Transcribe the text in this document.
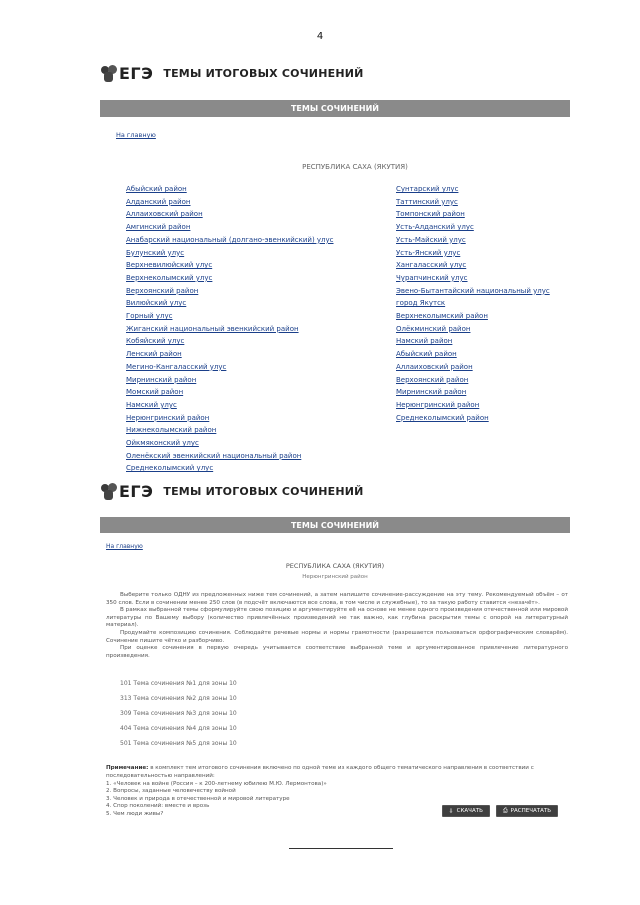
4
ЕГЭ ТЕМЫ ИТОГОВЫХ СОЧИНЕНИЙ
ТЕМЫ СОЧИНЕНИЙ
На главную
РЕСПУБЛИКА САХА (ЯКУТИЯ)
Абыйский район
Алданский район
Аллаиховский район
Амгинский район
Анабарский национальный (долгано-эвенкийский) улус
Булунский улус
Верхневилюйский улус
Верхнеколымский улус
Верхоянский район
Вилюйский улус
Горный улус
Жиганский национальный эвенкийский район
Кобяйский улус
Ленский район
Мегино-Кангаласский улус
Мирнинский район
Момский район
Намский улус
Нерюнгринский район
Нижнеколымский район
Ойкмяконский улус
Оленёкский эвенкийский национальный район
Среднеколымский улус
Сунтарский улус
Таттинский улус
Томпонский район
Усть-Алданский улус
Усть-Майский улус
Усть-Янский улус
Хангаласский улус
Чурапчинский улус
Эвено-Бытантайский национальный улус
город Якутск
Верхнеколымский район
Олёкминский район
Намский район
Абыйский район
Аллаиховский район
Верхоянский район
Мирнинский район
Нерюнгринский район
Среднеколымский район
ЕГЭ ТЕМЫ ИТОГОВЫХ СОЧИНЕНИЙ
ТЕМЫ СОЧИНЕНИЙ
На главную
РЕСПУБЛИКА САХА (ЯКУТИЯ)
Нерюнгринский район

Выберите только ОДНУ из предложенных ниже тем сочинений, а затем напишите сочинение-рассуждение на эту тему. Рекомендуемый объём – от 350 слов. Если в сочинении менее 250 слов (в подсчёт включаются все слова, в том числе и служебные), то за такую работу ставится «незачёт».

В рамках выбранной темы сформулируйте свою позицию и аргументируйте её на основе не менее одного произведения отечественной или мировой литературы по Вашему выбору (количество привлечённых произведений не так важно, как глубина раскрытия темы с опорой на литературный материал).

Продумайте композицию сочинения. Соблюдайте речевые нормы и нормы грамотности (разрешается пользоваться орфографическим словарём). Сочинение пишите чётко и разборчиво.

При оценке сочинения в первую очередь учитывается соответствие выбранной теме и аргументированное привлечение литературного произведения.

101 Тема сочинения №1 для зоны 10
313 Тема сочинения №2 для зоны 10
309 Тема сочинения №3 для зоны 10
404 Тема сочинения №4 для зоны 10
501 Тема сочинения №5 для зоны 10
Примечание: в комплект тем итогового сочинения включено по одной теме из каждого общего тематического направления в соответствии с последовательностью направлений:
1. «Человек на войне (Россия – к 200-летнему юбилею М.Ю. Лермонтова)»
2. Вопросы, заданные человечеству войной
3. Человек и природа в отечественной и мировой литературе
4. Спор поколений: вместе и врозь
5. Чем люди живы?	⇩ СКАЧАТЬ	⎙ РАСПЕЧАТАТЬ
